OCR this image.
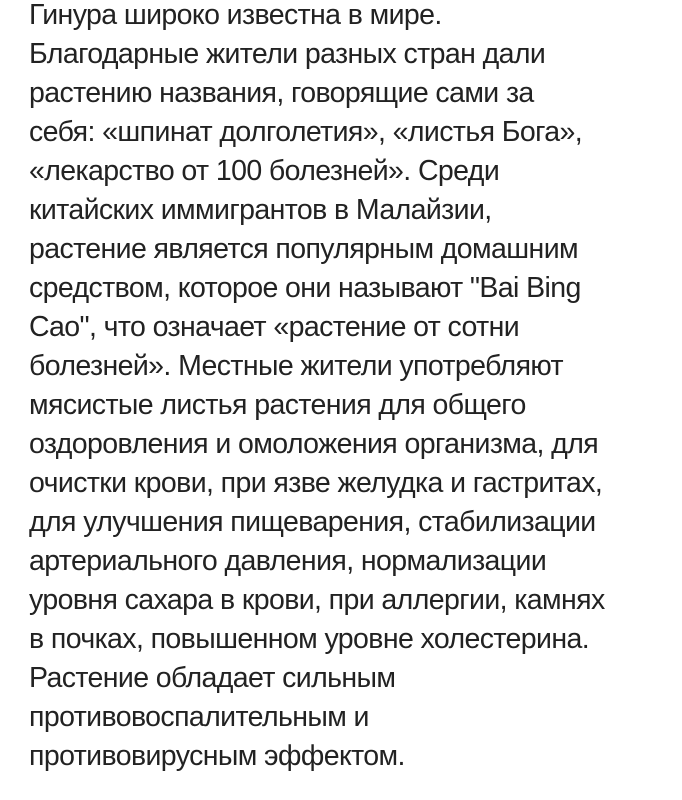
Гинура широко известна в мире.
Благодарные жители разных стран дали
растению названия, говорящие сами за
себя: «шпинат долголетия», «листья Бога»,
«лекарство от 100 болезней». Среди
китайских иммигрантов в Малайзии,
растение является популярным домашним
средством, которое они называют "Bai Bing
Cao", что означает «растение от сотни
болезней». Местные жители употребляют
мясистые листья растения для общего
оздоровления и омоложения организма, для
очистки крови, при язве желудка и гастритах,
для улучшения пищеварения, стабилизации
артериального давления, нормализации
уровня сахара в крови, при аллергии, камнях
в почках, повышенном уровне холестерина.
Растение обладает сильным
противовоспалительным и
противовирусным эффектом.
